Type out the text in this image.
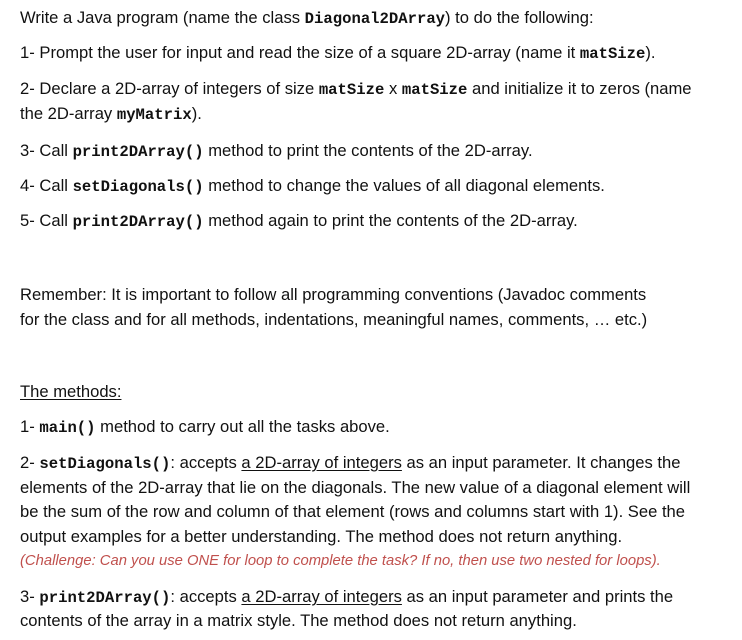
Write a Java program (name the class Diagonal2DArray) to do the following:
1- Prompt the user for input and read the size of a square 2D-array (name it matSize).
2- Declare a 2D-array of integers of size matSize x matSize and initialize it to zeros (name
the 2D-array myMatrix).
3- Call print2DArray() method to print the contents of the 2D-array.
4- Call setDiagonals() method to change the values of all diagonal elements.
5- Call print2DArray() method again to print the contents of the 2D-array.
Remember: It is important to follow all programming conventions (Javadoc comments
for the class and for all methods, indentations, meaningful names, comments, … etc.)
The methods:
1- main() method to carry out all the tasks above.
2- setDiagonals(): accepts a 2D-array of integers as an input parameter. It changes the
elements of the 2D-array that lie on the diagonals. The new value of a diagonal element will
be the sum of the row and column of that element (rows and columns start with 1). See the
output examples for a better understanding. The method does not return anything.
(Challenge: Can you use ONE for loop to complete the task? If no, then use two nested for loops).
3- print2DArray(): accepts a 2D-array of integers as an input parameter and prints the
contents of the array in a matrix style. The method does not return anything.
